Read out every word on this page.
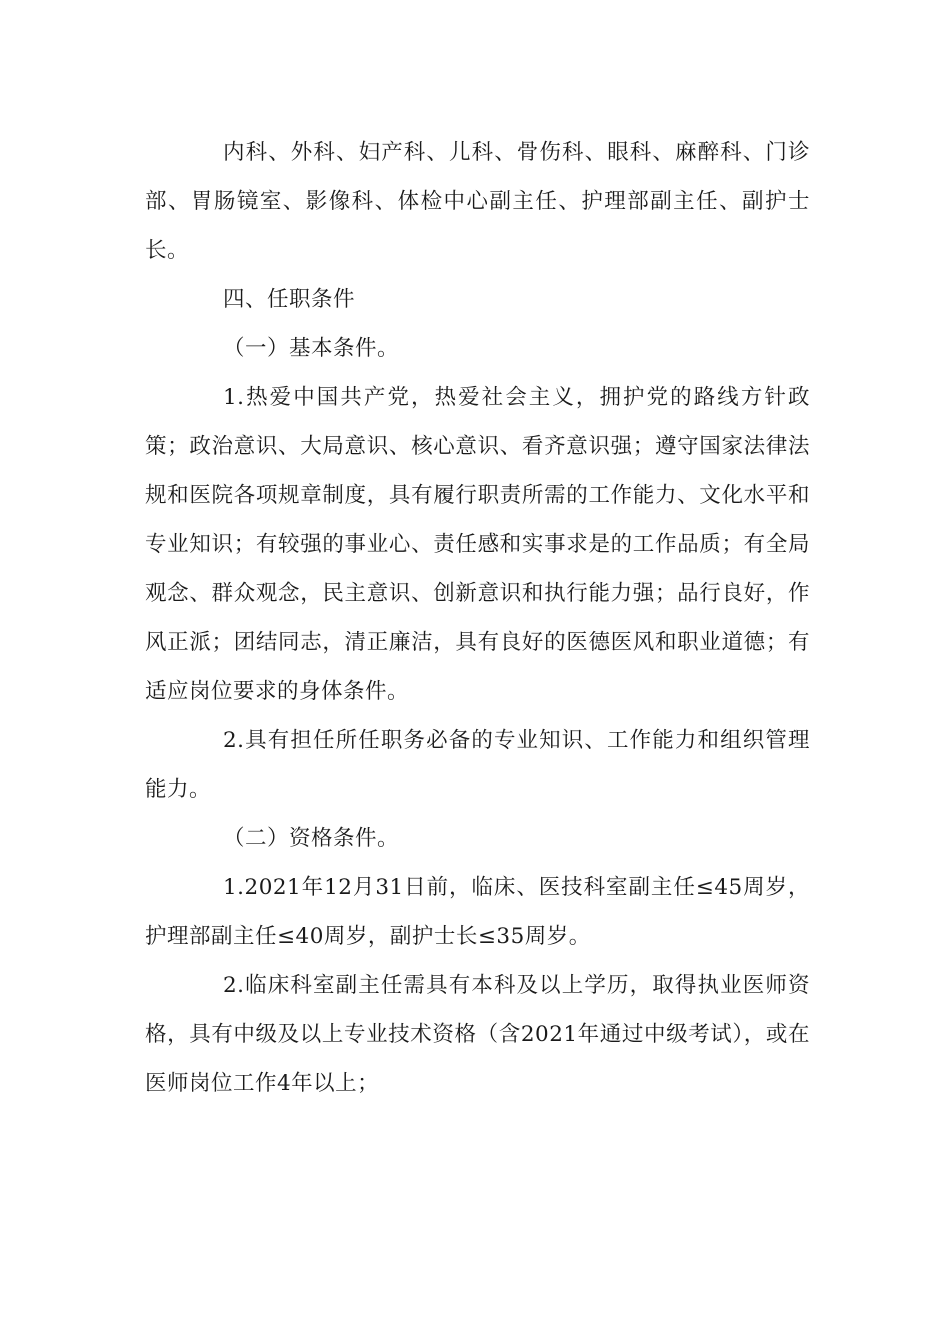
内科、外科、妇产科、儿科、骨伤科、眼科、麻醉科、门诊部、胃肠镜室、影像科、体检中心副主任、护理部副主任、副护士长。

四、任职条件

（一）基本条件。

1.热爱中国共产党，热爱社会主义，拥护党的路线方针政策；政治意识、大局意识、核心意识、看齐意识强；遵守国家法律法规和医院各项规章制度，具有履行职责所需的工作能力、文化水平和专业知识；有较强的事业心、责任感和实事求是的工作品质；有全局观念、群众观念，民主意识、创新意识和执行能力强；品行良好，作风正派；团结同志，清正廉洁，具有良好的医德医风和职业道德；有适应岗位要求的身体条件。

2.具有担任所任职务必备的专业知识、工作能力和组织管理能力。

（二）资格条件。

1.2021年12月31日前，临床、医技科室副主任≤45周岁，护理部副主任≤40周岁，副护士长≤35周岁。

2.临床科室副主任需具有本科及以上学历，取得执业医师资格，具有中级及以上专业技术资格（含2021年通过中级考试），或在医师岗位工作4年以上；
